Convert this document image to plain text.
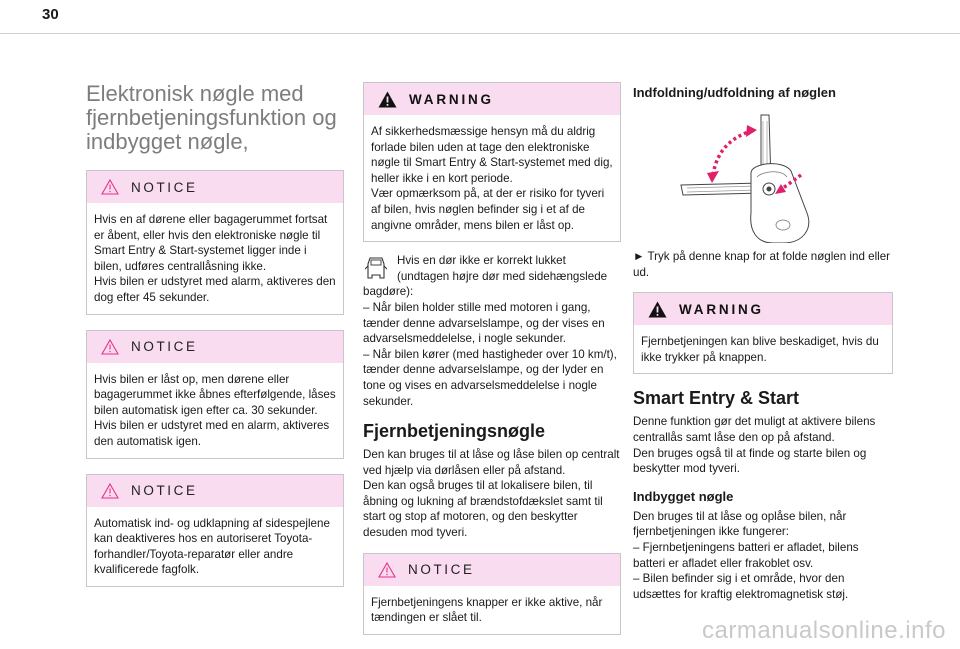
30
Elektronisk nøgle med fjernbetjeningsfunktion og indbygget nøgle,
NOTICE
Hvis en af dørene eller bagagerummet fortsat er åbent, eller hvis den elektroniske nøgle til Smart Entry & Start-systemet ligger inde i bilen, udføres centrallåsning ikke.
Hvis bilen er udstyret med alarm, aktiveres den dog efter 45 sekunder.
NOTICE
Hvis bilen er låst op, men dørene eller bagagerummet ikke åbnes efterfølgende, låses bilen automatisk igen efter ca. 30 sekunder. Hvis bilen er udstyret med en alarm, aktiveres den automatisk igen.
NOTICE
Automatisk ind- og udklapning af sidespejlene kan deaktiveres hos en autoriseret Toyota-forhandler/Toyota-reparatør eller andre kvalificerede fagfolk.
WARNING
Af sikkerhedsmæssige hensyn må du aldrig forlade bilen uden at tage den elektroniske nøgle til Smart Entry & Start-systemet med dig, heller ikke i en kort periode.
Vær opmærksom på, at der er risiko for tyveri af bilen, hvis nøglen befinder sig i et af de angivne områder, mens bilen er låst op.
Hvis en dør ikke er korrekt lukket (undtagen højre dør med sidehængslede
bagdøre):
– Når bilen holder stille med motoren i gang, tænder denne advarselslampe, og der vises en advarselsmeddelelse, i nogle sekunder.
– Når bilen kører (med hastigheder over 10 km/t), tænder denne advarselslampe, og der lyder en tone og vises en advarselsmeddelelse i nogle sekunder.
Fjernbetjeningsnøgle

Den kan bruges til at låse og låse bilen op centralt ved hjælp via dørlåsen eller på afstand.
Den kan også bruges til at lokalisere bilen, til åbning og lukning af brændstofdækslet samt til start og stop af motoren, og den beskytter desuden mod tyveri.

NOTICE
Fjernbetjeningens knapper er ikke aktive, når tændingen er slået til.
Indfoldning/udfoldning af nøglen

► Tryk på denne knap for at folde nøglen ind eller ud.

WARNING
Fjernbetjeningen kan blive beskadiget, hvis du ikke trykker på knappen.
Smart Entry & Start

Denne funktion gør det muligt at aktivere bilens centrallås samt låse den op på afstand.
Den bruges også til at finde og starte bilen og beskytter mod tyveri.

Indbygget nøgle

Den bruges til at låse og oplåse bilen, når fjernbetjeningen ikke fungerer:
– Fjernbetjeningens batteri er afladet, bilens batteri er afladet eller frakoblet osv.
– Bilen befinder sig i et område, hvor den udsættes for kraftig elektromagnetisk støj.

carmanualsonline.info
